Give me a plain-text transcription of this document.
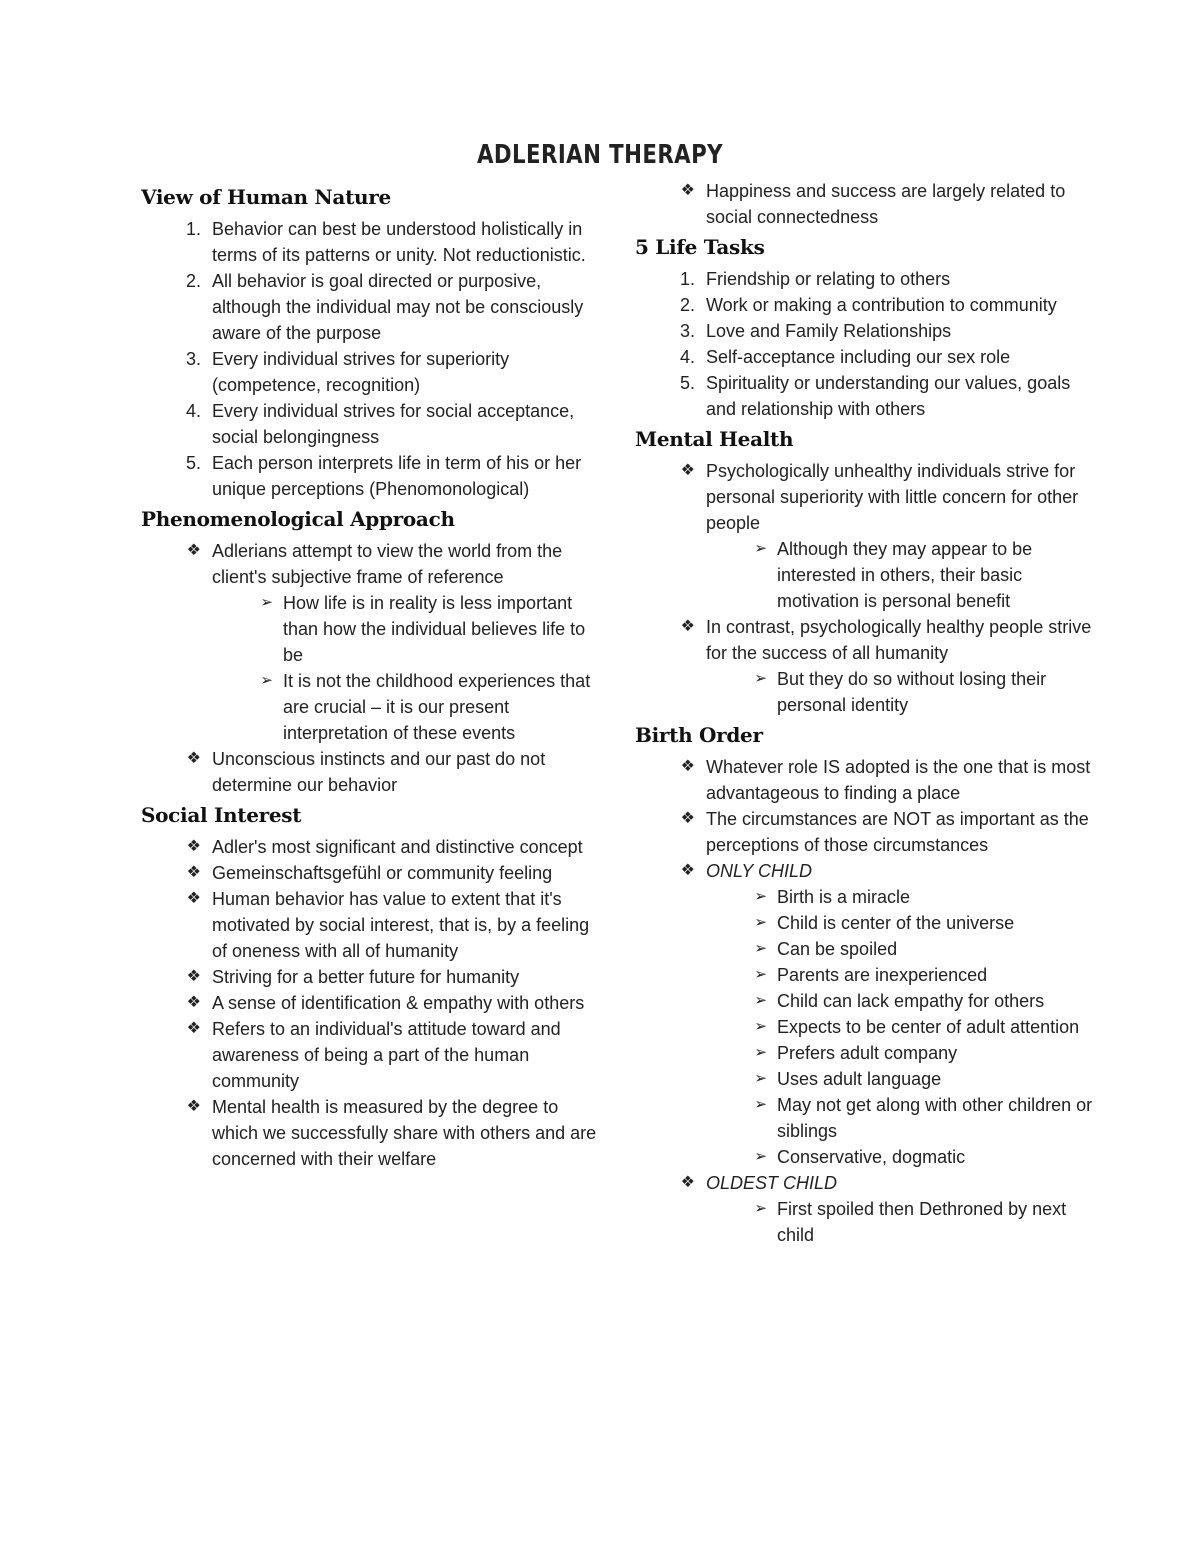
ADLERIAN THERAPY
View of Human Nature
1. Behavior can best be understood holistically in terms of its patterns or unity. Not reductionistic.
2. All behavior is goal directed or purposive, although the individual may not be consciously aware of the purpose
3. Every individual strives for superiority (competence, recognition)
4. Every individual strives for social acceptance, social belongingness
5. Each person interprets life in term of his or her unique perceptions (Phenomonological)
Phenomenological Approach
❖ Adlerians attempt to view the world from the client's subjective frame of reference
➢ How life is in reality is less important than how the individual believes life to be
➢ It is not the childhood experiences that are crucial – it is our present interpretation of these events
❖ Unconscious instincts and our past do not determine our behavior
Social Interest
❖ Adler's most significant and distinctive concept
❖ Gemeinschaftsgefühl or community feeling
❖ Human behavior has value to extent that it's motivated by social interest, that is, by a feeling of oneness with all of humanity
❖ Striving for a better future for humanity
❖ A sense of identification & empathy with others
❖ Refers to an individual's attitude toward and awareness of being a part of the human community
❖ Mental health is measured by the degree to which we successfully share with others and are concerned with their welfare
❖ Happiness and success are largely related to social connectedness
5 Life Tasks
1. Friendship or relating to others
2. Work or making a contribution to community
3. Love and Family Relationships
4. Self-acceptance including our sex role
5. Spirituality or understanding our values, goals and relationship with others
Mental Health
❖ Psychologically unhealthy individuals strive for personal superiority with little concern for other people
➢ Although they may appear to be interested in others, their basic motivation is personal benefit
❖ In contrast, psychologically healthy people strive for the success of all humanity
➢ But they do so without losing their personal identity
Birth Order
❖ Whatever role IS adopted is the one that is most advantageous to finding a place
❖ The circumstances are NOT as important as the perceptions of those circumstances
❖ ONLY CHILD
➢ Birth is a miracle
➢ Child is center of the universe
➢ Can be spoiled
➢ Parents are inexperienced
➢ Child can lack empathy for others
➢ Expects to be center of adult attention
➢ Prefers adult company
➢ Uses adult language
➢ May not get along with other children or siblings
➢ Conservative, dogmatic
❖ OLDEST CHILD
➢ First spoiled then Dethroned by next child
